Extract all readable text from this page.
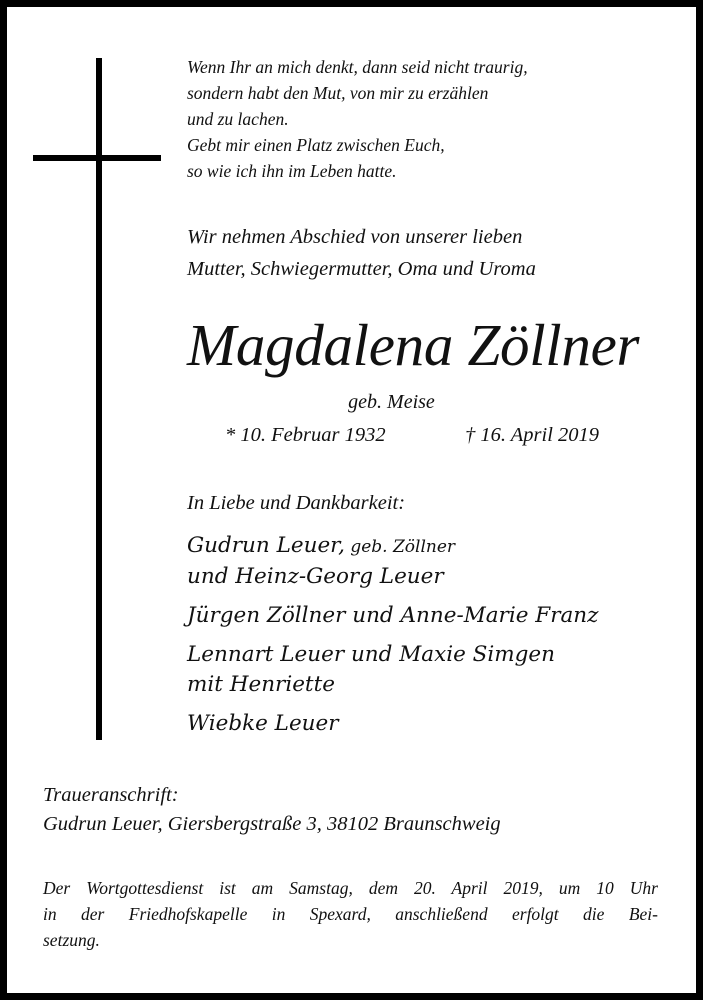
Wenn Ihr an mich denkt, dann seid nicht traurig,
sondern habt den Mut, von mir zu erzählen
und zu lachen.
Gebt mir einen Platz zwischen Euch,
so wie ich ihn im Leben hatte.
Wir nehmen Abschied von unserer lieben
Mutter, Schwiegermutter, Oma und Uroma
Magdalena Zöllner
geb. Meise
* 10. Februar 1932	† 16. April 2019
In Liebe und Dankbarkeit:
Gudrun Leuer, geb. Zöllner
und Heinz-Georg Leuer
Jürgen Zöllner und Anne-Marie Franz
Lennart Leuer und Maxie Simgen
mit Henriette
Wiebke Leuer
Traueranschrift:
Gudrun Leuer, Giersbergstraße 3, 38102 Braunschweig
Der Wortgottesdienst ist am Samstag, dem 20. April 2019, um 10 Uhr
in der Friedhofskapelle in Spexard, anschließend erfolgt die Bei-
setzung.
